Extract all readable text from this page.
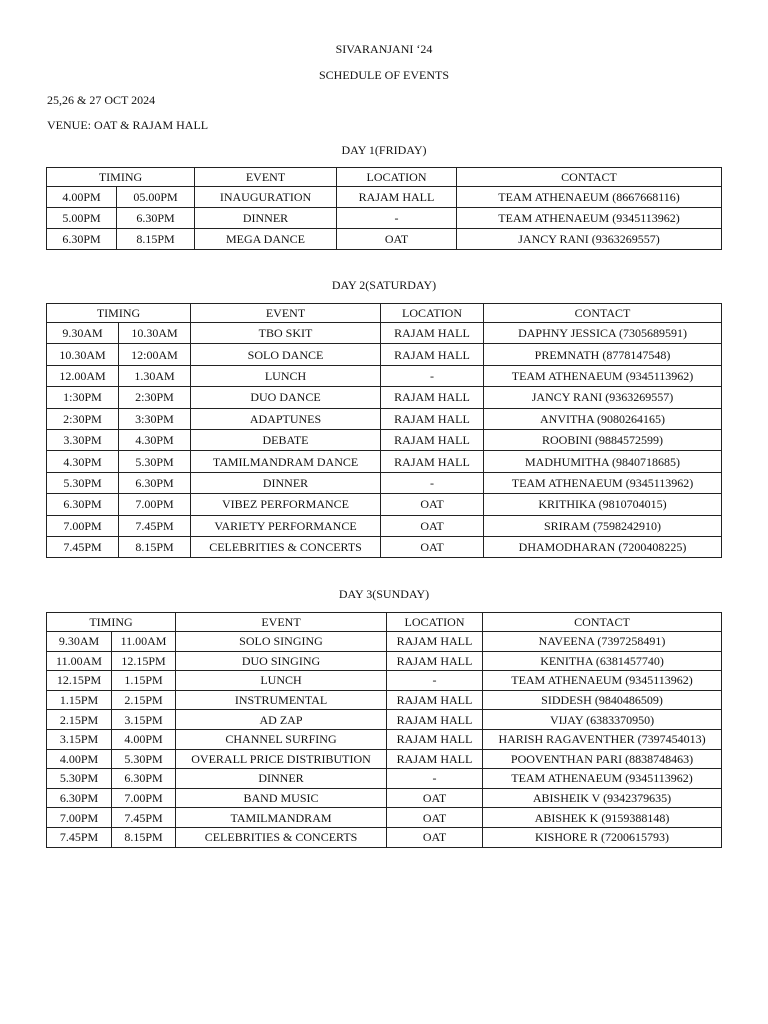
SIVARANJANI ‘24
SCHEDULE OF EVENTS
25,26 & 27 OCT 2024
VENUE: OAT & RAJAM HALL
DAY 1(FRIDAY)
TIMING		EVENT	LOCATION	CONTACT
4.00PM	05.00PM	INAUGURATION	RAJAM HALL	TEAM ATHENAEUM (8667668116)
5.00PM	6.30PM	DINNER	-	TEAM ATHENAEUM (9345113962)
6.30PM	8.15PM	MEGA DANCE	OAT	JANCY RANI (9363269557)
DAY 2(SATURDAY)
TIMING		EVENT	LOCATION	CONTACT
9.30AM	10.30AM	TBO SKIT	RAJAM HALL	DAPHNY JESSICA (7305689591)
10.30AM	12:00AM	SOLO DANCE	RAJAM HALL	PREMNATH (8778147548)
12.00AM	1.30AM	LUNCH	-	TEAM ATHENAEUM (9345113962)
1:30PM	2:30PM	DUO DANCE	RAJAM HALL	JANCY RANI (9363269557)
2:30PM	3:30PM	ADAPTUNES	RAJAM HALL	ANVITHA (9080264165)
3.30PM	4.30PM	DEBATE	RAJAM HALL	ROOBINI (9884572599)
4.30PM	5.30PM	TAMILMANDRAM DANCE	RAJAM HALL	MADHUMITHA (9840718685)
5.30PM	6.30PM	DINNER	-	TEAM ATHENAEUM (9345113962)
6.30PM	7.00PM	VIBEZ PERFORMANCE	OAT	KRITHIKA (9810704015)
7.00PM	7.45PM	VARIETY PERFORMANCE	OAT	SRIRAM (7598242910)
7.45PM	8.15PM	CELEBRITIES & CONCERTS	OAT	DHAMODHARAN (7200408225)
DAY 3(SUNDAY)
TIMING		EVENT	LOCATION	CONTACT
9.30AM	11.00AM	SOLO SINGING	RAJAM HALL	NAVEENA (7397258491)
11.00AM	12.15PM	DUO SINGING	RAJAM HALL	KENITHA (6381457740)
12.15PM	1.15PM	LUNCH	-	TEAM ATHENAEUM (9345113962)
1.15PM	2.15PM	INSTRUMENTAL	RAJAM HALL	SIDDESH (9840486509)
2.15PM	3.15PM	AD ZAP	RAJAM HALL	VIJAY (6383370950)
3.15PM	4.00PM	CHANNEL SURFING	RAJAM HALL	HARISH RAGAVENTHER (7397454013)
4.00PM	5.30PM	OVERALL PRICE DISTRIBUTION	RAJAM HALL	POOVENTHAN PARI (8838748463)
5.30PM	6.30PM	DINNER	-	TEAM ATHENAEUM (9345113962)
6.30PM	7.00PM	BAND MUSIC	OAT	ABISHEIK V (9342379635)
7.00PM	7.45PM	TAMILMANDRAM	OAT	ABISHEK K (9159388148)
7.45PM	8.15PM	CELEBRITIES & CONCERTS	OAT	KISHORE R (7200615793)
